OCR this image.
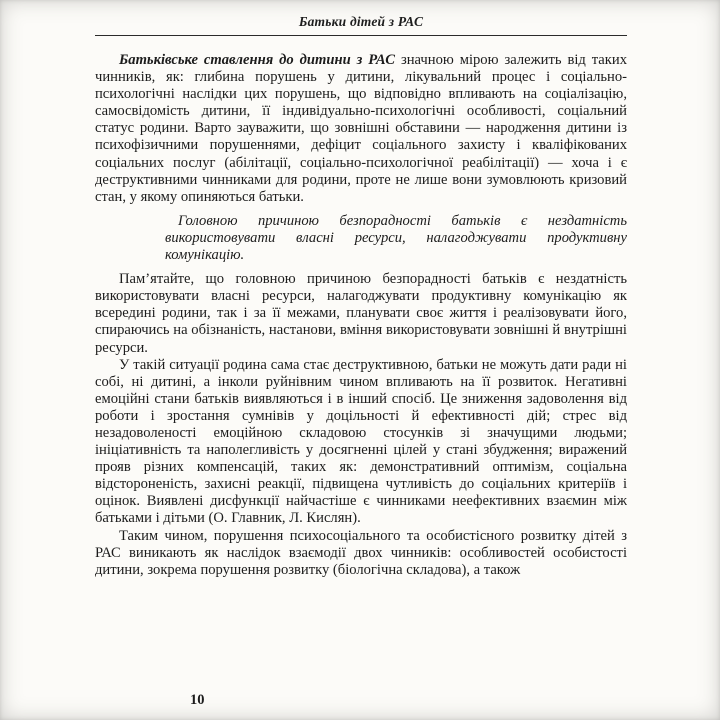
Батьки дітей з РАС

Батьківське ставлення до дитини з РАС значною мірою залежить від таких чинників, як: глибина порушень у дитини, лікувальний процес і соціально-психологічні наслідки цих порушень, що відповідно впливають на соціалізацію, самосвідомість дитини, її індивідуально-психологічні особливості, соціальний статус родини. Варто зауважити, що зовнішні обставини — народження дитини із психофізичними порушеннями, дефіцит соціального захисту і кваліфікованих соціальних послуг (абілітації, соціально-психологічної реабілітації) — хоча і є деструктивними чинниками для родини, проте не лише вони зумовлюють кризовий стан, у якому опиняються батьки.

Головною причиною безпорадності батьків є нездатність використовувати власні ресурси, налагоджувати продуктивну комунікацію.

Пам’ятайте, що головною причиною безпорадності батьків є нездатність використовувати власні ресурси, налагоджувати продуктивну комунікацію як всередині родини, так і за її межами, планувати своє життя і реалізовувати його, спираючись на обізнаність, настанови, вміння використовувати зовнішні й внутрішні ресурси.

У такій ситуації родина сама стає деструктивною, батьки не можуть дати ради ні собі, ні дитині, а інколи руйнівним чином впливають на її розвиток. Негативні емоційні стани батьків виявляються і в інший спосіб. Це зниження задоволення від роботи і зростання сумнівів у доцільності й ефективності дій; стрес від незадоволеності емоційною складовою стосунків зі значущими людьми; ініціативність та наполегливість у досягненні цілей у стані збудження; виражений прояв різних компенсацій, таких як: демонстративний оптимізм, соціальна відстороненість, захисні реакції, підвищена чутливість до соціальних критеріїв і оцінок. Виявлені дисфункції найчастіше є чинниками неефективних взаємин між батьками і дітьми (О. Главник, Л. Кислян).

Таким чином, порушення психосоціального та особистісного розвитку дітей з РАС виникають як наслідок взаємодії двох чинників: особливостей особистості дитини, зокрема порушення розвитку (біологічна складова), а також

10
